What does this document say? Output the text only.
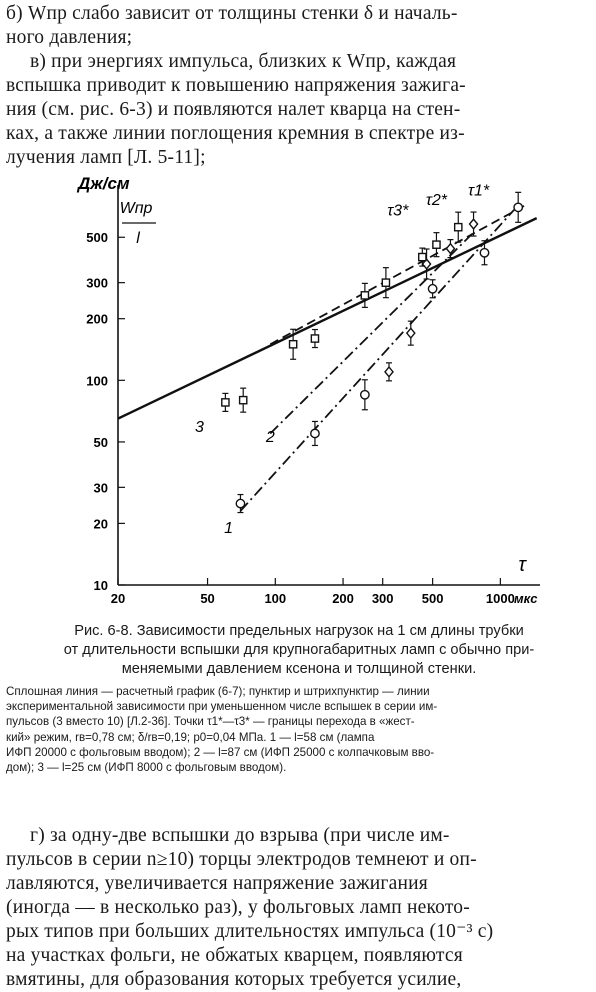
б) Wпр слабо зависит от толщины стенки δ и началь-
ного давления;
в) при энергиях импульса, близких к Wпр, каждая
вспышка приводит к повышению напряжения зажига-
ния (см. рис. 6-3) и появляются налет кварца на стен-
ках, а также линии поглощения кремния в спектре из-
лучения ламп [Л. 5-11];
20	50	100	200 300 500	1000
10
20
30
50
100
200
300
500
мкс
τ
Дж/см
Wпр
l
τ3*
τ2*
τ1*
1
2
3
Рис. 6-8. Зависимости предельных нагрузок на 1 см длины трубки
от длительности вспышки для крупногабаритных ламп с обычно при-
меняемыми давлением ксенона и толщиной стенки.
Сплошная линия — расчетный график (6-7); пунктир и штрихпунктир — линии
экспериментальной зависимости при уменьшенном числе вспышек в серии им-
пульсов (3 вместо 10) [Л.2-36]. Точки τ1*—τ3* — границы перехода в «жест-
кий» режим, rв=0,78 см; δ/rв=0,19; p0=0,04 МПа. 1 — l=58 см (лампа
ИФП 20000 с фольговым вводом); 2 — l=87 см (ИФП 25000 с колпачковым вво-
дом); 3 — l=25 см (ИФП 8000 с фольговым вводом).
г) за одну-две вспышки до взрыва (при числе им-
пульсов в серии n≥10) торцы электродов темнеют и оп-
лавляются, увеличивается напряжение зажигания
(иногда — в несколько раз), у фольговых ламп некото-
рых типов при больших длительностях импульса (10⁻³ с)
на участках фольги, не обжатых кварцем, появляются
вмятины, для образования которых требуется усилие,
